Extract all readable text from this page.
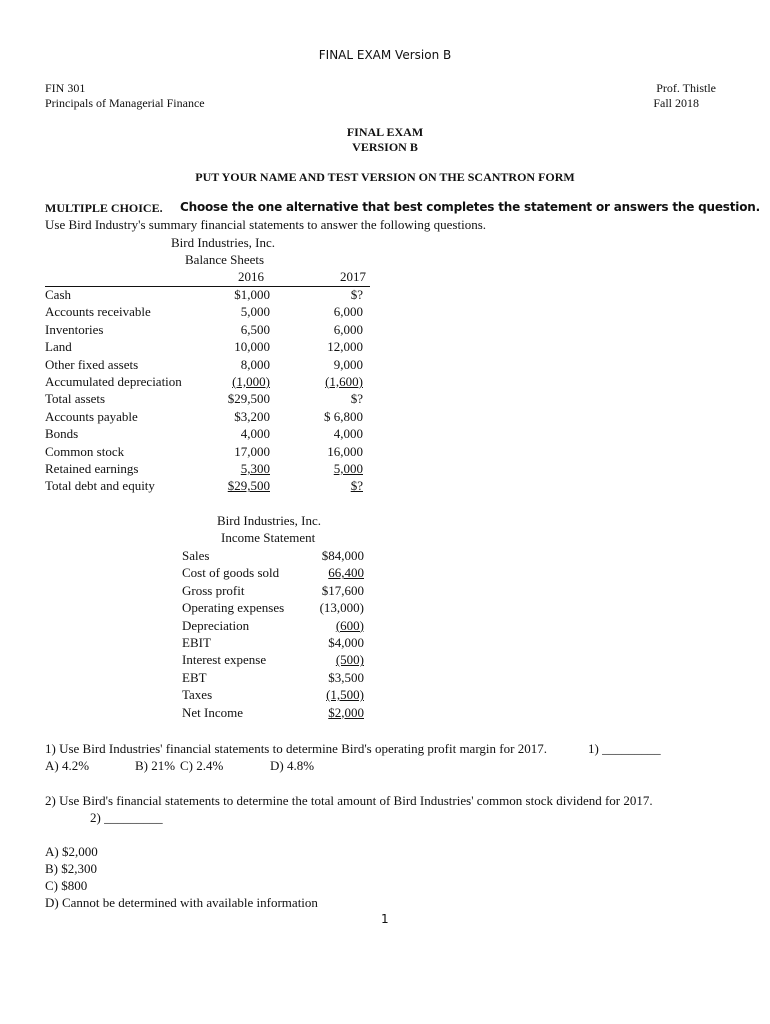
FINAL EXAM Version B
FIN 301
Principals of Managerial Finance
Prof. Thistle
Fall 2018
FINAL EXAM
VERSION B
PUT YOUR NAME AND TEST VERSION ON THE SCANTRON FORM
MULTIPLE CHOICE. Choose the one alternative that best completes the statement or answers the question.
Use Bird Industry's summary financial statements to answer the following questions.
Bird Industries, Inc.
Balance Sheets
2016	2017
Cash	$1,000	$?
Accounts receivable	5,000	6,000
Inventories	6,500	6,000
Land	10,000	12,000
Other fixed assets	8,000	9,000
Accumulated depreciation	(1,000)	(1,600)
Total assets	$29,500	$?
Accounts payable	$3,200	$ 6,800
Bonds	4,000	4,000
Common stock	17,000	16,000
Retained earnings	5,300	5,000
Total debt and equity	$29,500	$?
Bird Industries, Inc.
Income Statement
Sales	$84,000
Cost of goods sold	66,400
Gross profit	$17,600
Operating expenses	(13,000)
Depreciation	(600)
EBIT	$4,000
Interest expense	(500)
EBT	$3,500
Taxes	(1,500)
Net Income	$2,000
1) Use Bird Industries' financial statements to determine Bird's operating profit margin for 2017.	1) _________
A) 4.2%	B) 21% C) 2.4%	D) 4.8%
2) Use Bird's financial statements to determine the total amount of Bird Industries' common stock dividend for 2017.
2) _________
A) $2,000
B) $2,300
C) $800
D) Cannot be determined with available information
1
